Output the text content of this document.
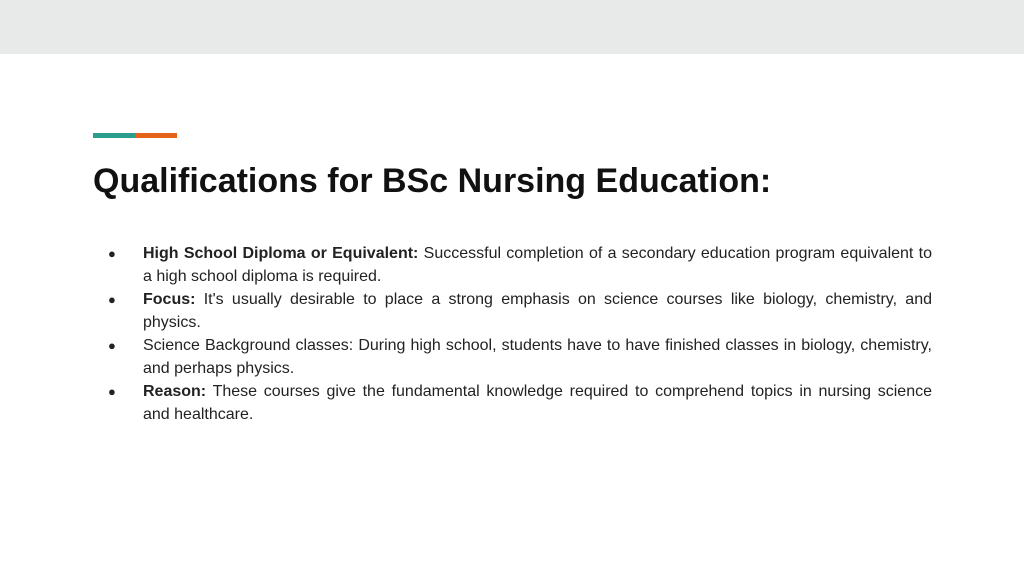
Qualifications for BSc Nursing Education:
● High School Diploma or Equivalent: Successful completion of a secondary education program equivalent to a high school diploma is required.
● Focus: It's usually desirable to place a strong emphasis on science courses like biology, chemistry, and physics.
● Science Background classes: During high school, students have to have finished classes in biology, chemistry, and perhaps physics.
● Reason: These courses give the fundamental knowledge required to comprehend topics in nursing science and healthcare.
